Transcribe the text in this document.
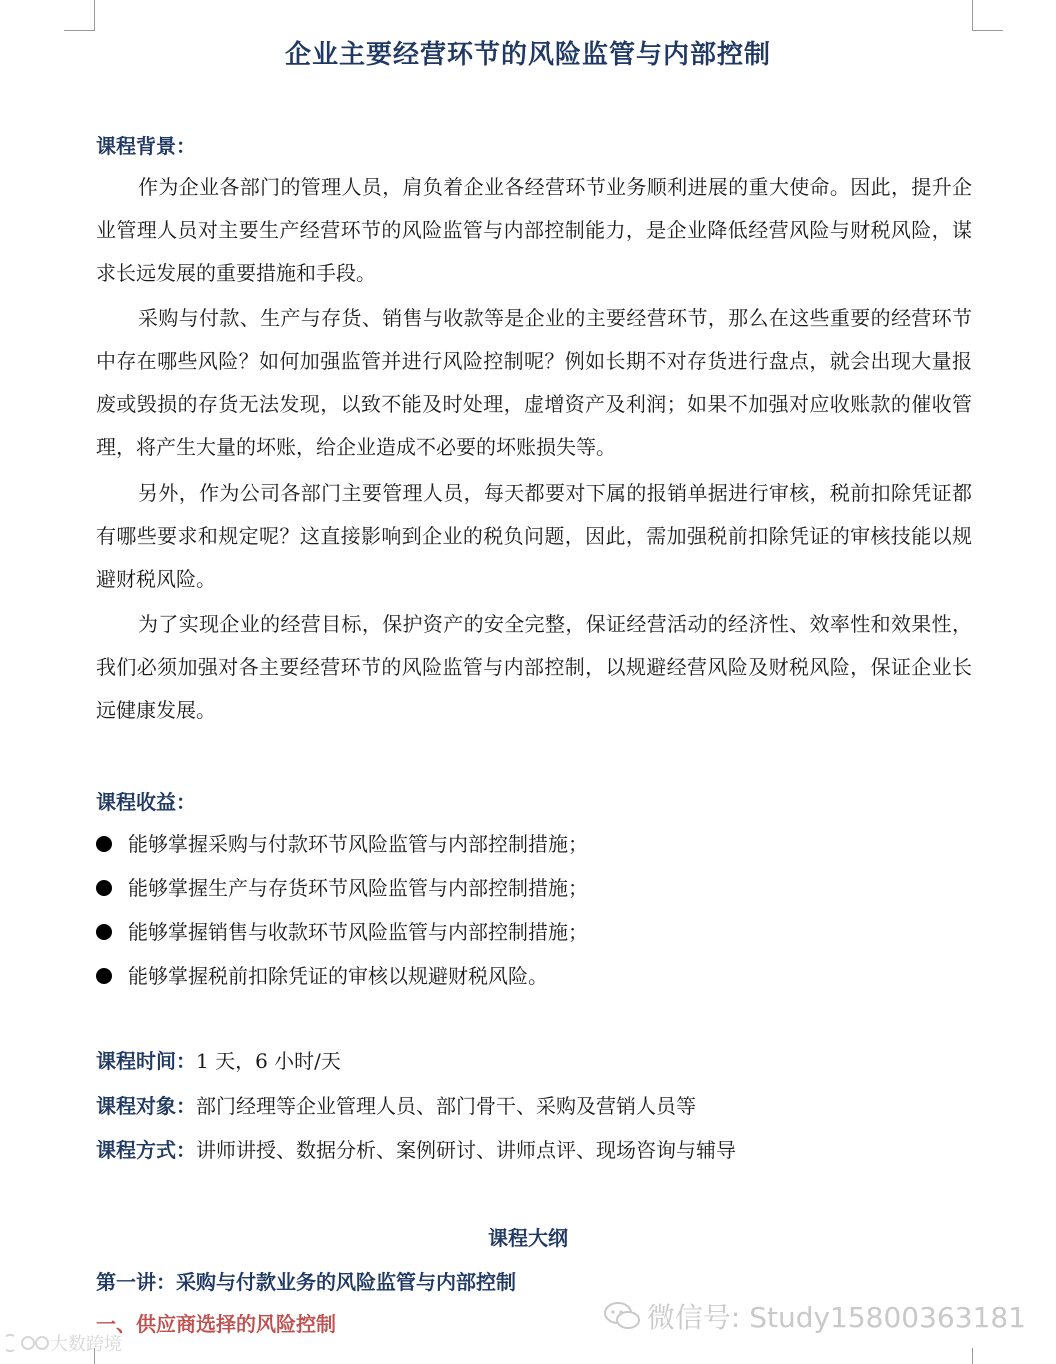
企业主要经营环节的风险监管与内部控制
课程背景：

作为企业各部门的管理人员，肩负着企业各经营环节业务顺利进展的重大使命。因此，提升企业管理人员对主要生产经营环节的风险监管与内部控制能力，是企业降低经营风险与财税风险，谋求长远发展的重要措施和手段。

采购与付款、生产与存货、销售与收款等是企业的主要经营环节，那么在这些重要的经营环节中存在哪些风险？如何加强监管并进行风险控制呢？例如长期不对存货进行盘点，就会出现大量报废或毁损的存货无法发现，以致不能及时处理，虚增资产及利润；如果不加强对应收账款的催收管理，将产生大量的坏账，给企业造成不必要的坏账损失等。

另外，作为公司各部门主要管理人员，每天都要对下属的报销单据进行审核，税前扣除凭证都有哪些要求和规定呢？这直接影响到企业的税负问题，因此，需加强税前扣除凭证的审核技能以规避财税风险。

为了实现企业的经营目标，保护资产的安全完整，保证经营活动的经济性、效率性和效果性，我们必须加强对各主要经营环节的风险监管与内部控制，以规避经营风险及财税风险，保证企业长远健康发展。

课程收益：
能够掌握采购与付款环节风险监管与内部控制措施；
能够掌握生产与存货环节风险监管与内部控制措施；
能够掌握销售与收款环节风险监管与内部控制措施；
能够掌握税前扣除凭证的审核以规避财税风险。
课程时间：1 天，6 小时/天
课程对象：部门经理等企业管理人员、部门骨干、采购及营销人员等
课程方式：讲师讲授、数据分析、案例研讨、讲师点评、现场咨询与辅导
课程大纲
第一讲：采购与付款业务的风险监管与内部控制
一、供应商选择的风险控制	微信号: Study15800363181
大数跨境
